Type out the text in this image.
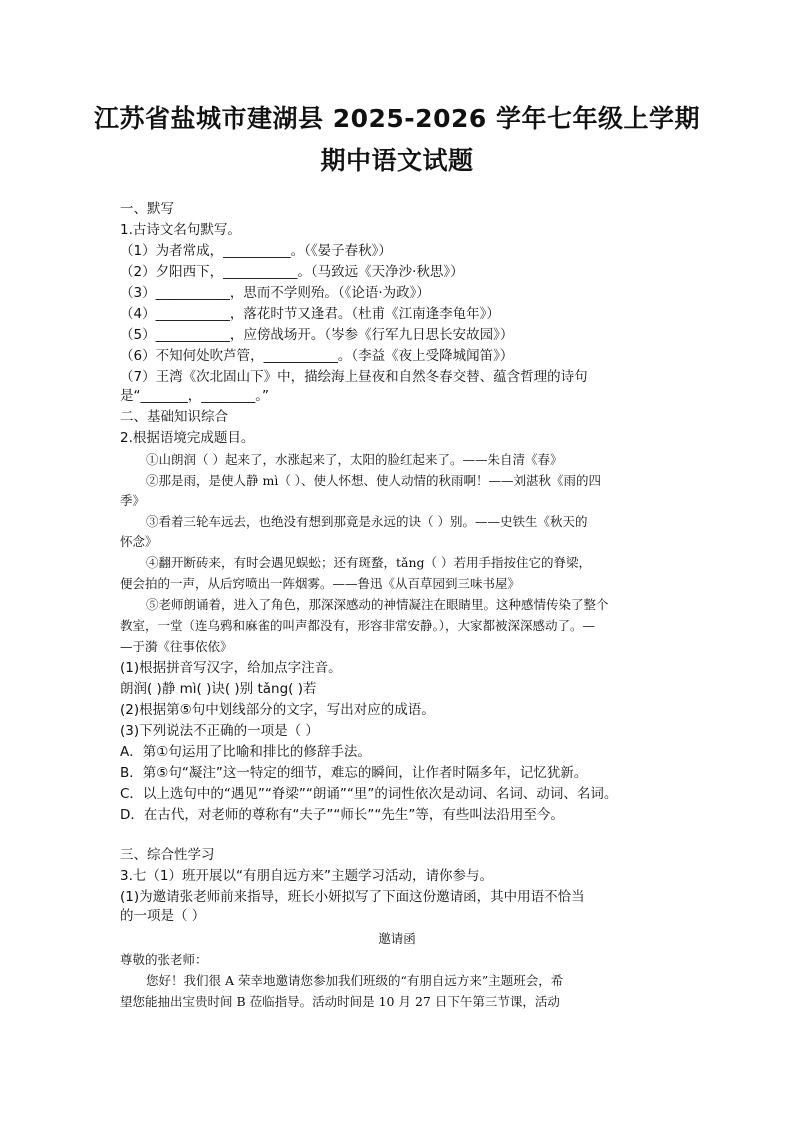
江苏省盐城市建湖县 2025-2026 学年七年级上学期
期中语文试题
一、默写
1.古诗文名句默写。
（1）为者常成，__________。（《晏子春秋》）
（2）夕阳西下，___________。（马致远《天净沙·秋思》）
（3）___________，思而不学则殆。（《论语·为政》）
（4）___________，落花时节又逢君。（杜甫《江南逢李龟年》）
（5）___________，应傍战场开。（岑参《行军九日思长安故园》）
（6）不知何处吹芦管，___________。（李益《夜上受降城闻笛》）
（7）王湾《次北固山下》中，描绘海上昼夜和自然冬春交替、蕴含哲理的诗句
是“_______，________。”
二、基础知识综合
2.根据语境完成题目。
①山朗润（ ）起来了，水涨起来了，太阳的脸红起来了。——朱自清《春》
②那是雨，是使人静 mì（ ）、使人怀想、使人动情的秋雨啊！——刘湛秋《雨的四
季》
③看着三轮车远去，也绝没有想到那竟是永远的诀（ ）别。——史铁生《秋天的
怀念》
④翻开断砖来，有时会遇见蜈蚣；还有斑蝥，tǎng（ ）若用手指按住它的脊梁，
便会拍的一声，从后窍喷出一阵烟雾。——鲁迅《从百草园到三味书屋》
⑤老师朗诵着，进入了角色，那深深感动的神情凝注在眼睛里。这种感情传染了整个
教室，一堂（连乌鸦和麻雀的叫声都没有，形容非常安静。），大家都被深深感动了。—
—于漪《往事依依》
(1)根据拼音写汉字，给加点字注音。
朗润( )静 mì( )诀( )别 tǎng( )若
(2)根据第⑤句中划线部分的文字，写出对应的成语。
(3)下列说法不正确的一项是（ ）
A．第①句运用了比喻和排比的修辞手法。
B．第⑤句“凝注”这一特定的细节，难忘的瞬间，让作者时隔多年，记忆犹新。
C．以上选句中的“遇见”“脊梁”“朗诵”“里”的词性依次是动词、名词、动词、名词。
D．在古代，对老师的尊称有“夫子”“师长”“先生”等，有些叫法沿用至今。
三、综合性学习
3.七（1）班开展以“有朋自远方来”主题学习活动，请你参与。
(1)为邀请张老师前来指导，班长小妍拟写了下面这份邀请函，其中用语不恰当
的一项是（ ）
邀请函
尊敬的张老师：
您好！我们很 A 荣幸地邀请您参加我们班级的“有朋自远方来”主题班会，希
望您能抽出宝贵时间 B 莅临指导。活动时间是 10 月 27 日下午第三节课，活动
